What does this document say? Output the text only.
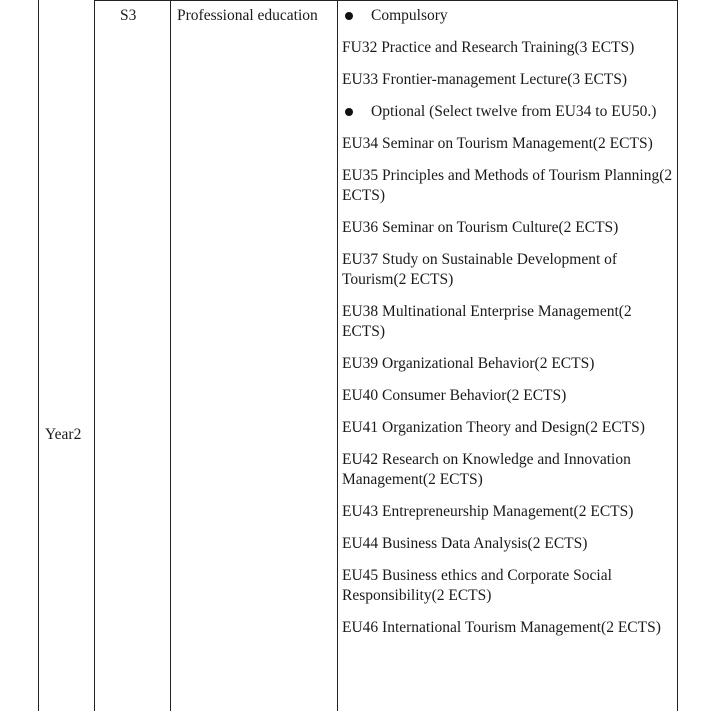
Year2
S3	Professional education	Compulsory
FU32 Practice and Research Training(3 ECTS)
EU33 Frontier-management Lecture(3 ECTS)
Optional (Select twelve from EU34 to EU50.)
EU34 Seminar on Tourism Management(2 ECTS)
EU35 Principles and Methods of Tourism Planning(2 ECTS)
EU36 Seminar on Tourism Culture(2 ECTS)
EU37 Study on Sustainable Development of Tourism(2 ECTS)
EU38 Multinational Enterprise Management(2 ECTS)
EU39 Organizational Behavior(2 ECTS)
EU40 Consumer Behavior(2 ECTS)
EU41 Organization Theory and Design(2 ECTS)
EU42 Research on Knowledge and Innovation Management(2 ECTS)
EU43 Entrepreneurship Management(2 ECTS)
EU44 Business Data Analysis(2 ECTS)
EU45 Business ethics and Corporate Social Responsibility(2 ECTS)
EU46 International Tourism Management(2 ECTS)
